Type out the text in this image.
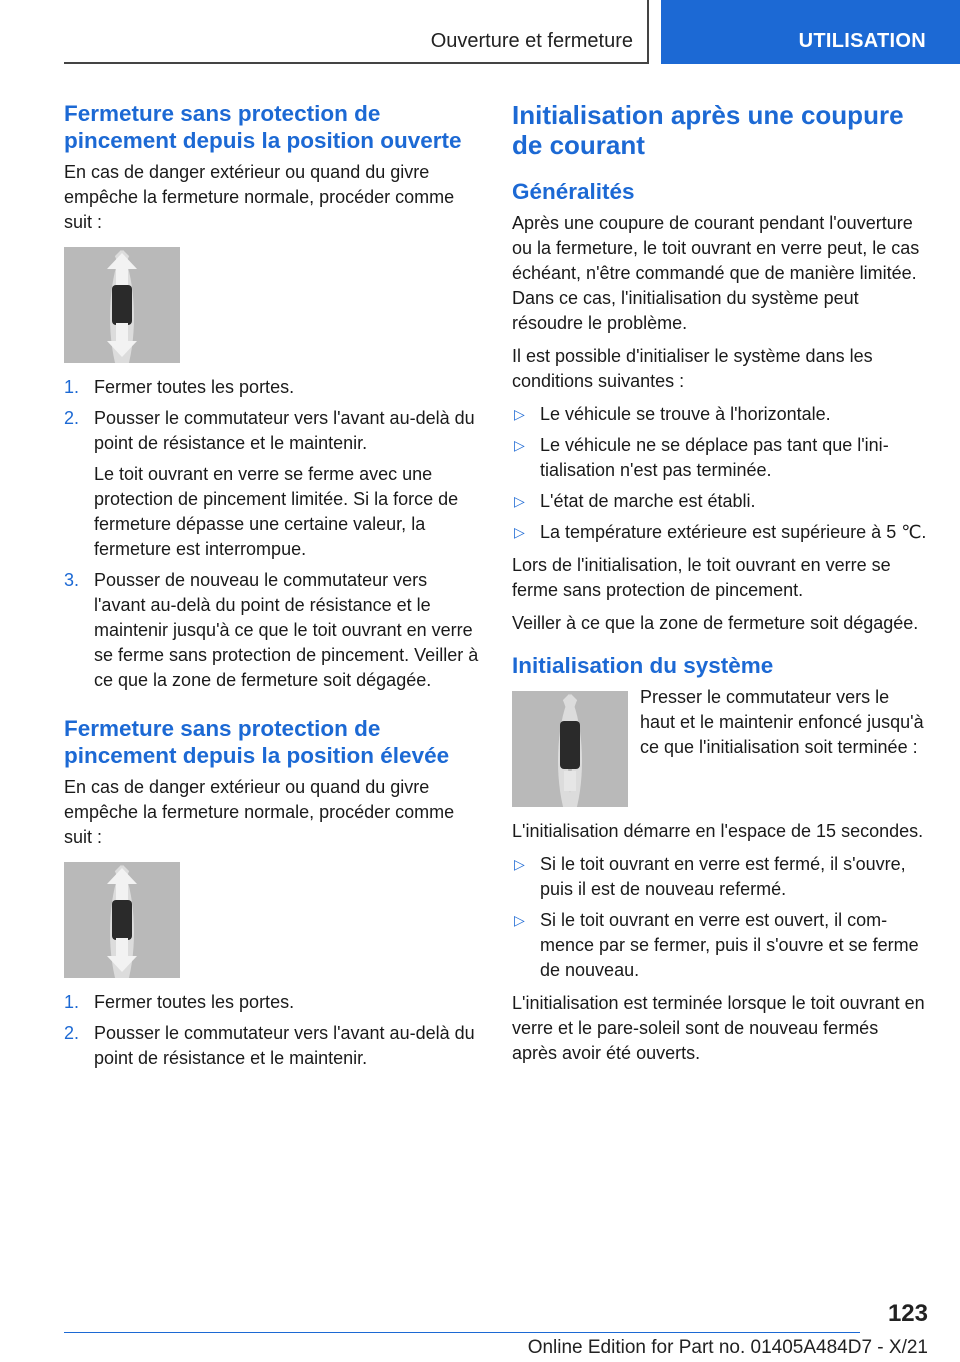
Ouverture et fermeture	UTILISATION
Fermeture sans protection de pincement depuis la position ouverte

En cas de danger extérieur ou quand du givre empêche la fermeture normale, procéder comme suit :

1. Fermer toutes les portes.
2. Pousser le commutateur vers l'avant au-delà du point de résistance et le maintenir.

Le toit ouvrant en verre se ferme avec une protection de pincement limitée. Si la force de fermeture dépasse une certaine valeur, la fermeture est interrompue.

3. Pousser de nouveau le commutateur vers l'avant au-delà du point de résistance et le maintenir jusqu'à ce que le toit ouvrant en verre se ferme sans protection de pincement. Veiller à ce que la zone de fermeture soit dégagée.
Fermeture sans protection de pincement depuis la position élevée

En cas de danger extérieur ou quand du givre empêche la fermeture normale, procéder comme suit :

1. Fermer toutes les portes.
2. Pousser le commutateur vers l'avant au-delà du point de résistance et le maintenir.
Initialisation après une coupure de courant
Généralités

Après une coupure de courant pendant l'ouverture ou la fermeture, le toit ouvrant en verre peut, le cas échéant, n'être commandé que de manière limitée. Dans ce cas, l'initialisation du système peut résoudre le problème.

Il est possible d'initialiser le système dans les conditions suivantes :

▷ Le véhicule se trouve à l'horizontale.
▷ Le véhicule ne se déplace pas tant que l'initialisation n'est pas terminée.
▷ L'état de marche est établi.
▷ La température extérieure est supérieure à 5 ℃.

Lors de l'initialisation, le toit ouvrant en verre se ferme sans protection de pincement.

Veiller à ce que la zone de fermeture soit dégagée.

Initialisation du système

Presser le commutateur vers le haut et le maintenir enfoncé jusqu'à ce que l'initialisation soit terminée :

L'initialisation démarre en l'espace de 15 secondes.

▷ Si le toit ouvrant en verre est fermé, il s'ouvre, puis il est de nouveau refermé.
▷ Si le toit ouvrant en verre est ouvert, il commence par se fermer, puis il s'ouvre et se ferme de nouveau.

L'initialisation est terminée lorsque le toit ouvrant en verre et le pare-soleil sont de nouveau fermés après avoir été ouverts.

123
Online Edition for Part no. 01405A484D7 - X/21
